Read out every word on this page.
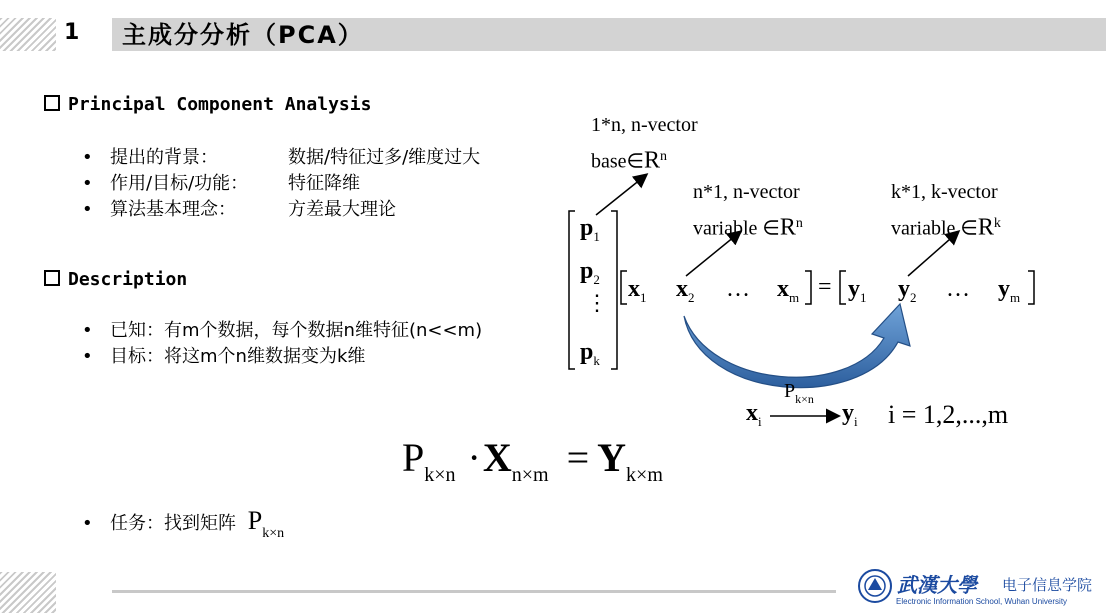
1 主成分分析（PCA）
Principal Component Analysis
• 提出的背景：	数据/特征过多/维度过大
• 作用/目标/功能： 特征降维
• 算法基本理念：	方差最大理论
Description
• 已知：有m个数据，每个数据n维特征(n<<m)
• 目标：将这m个n维数据变为k维
1*n, n-vector
$base\in R^n$
n*1, n-vector
variable $\in R^n$
k*1, k-vector
variable $\in R^k$
$p_1$
$p_2$
⋮
$p_k$
$x_1$ $x_2$ … $x_m = y_1$ $y_2$ … $y_m$
$P_{k\times n}$
$x_i$	$y_i$ i = 1,2,...,m
$P_{k\times n} \cdot X_{n\times m} = Y_{k\times m}$
• 任务：找到矩阵 $P_{k\times n}$
武漢大學 电子信息学院
Electronic Information School, Wuhan University
